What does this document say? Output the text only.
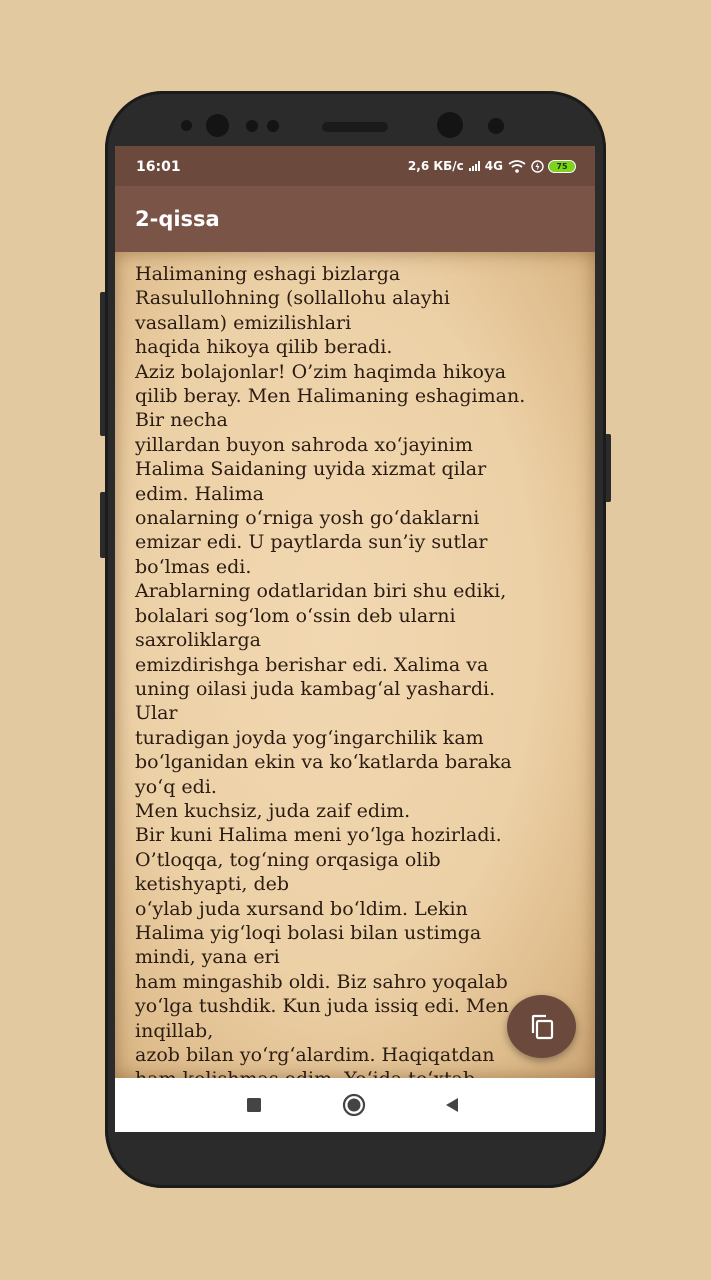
16:01	2,6 КБ/с 4G	75
2-qissa
Halimaning eshagi bizlarga
Rasulullohning (sollallohu alayhi
vasallam) emizilishlari
haqida hikoya qilib beradi.
Aziz bolajonlar! O’zim haqimda hikoya
qilib beray. Men Halimaning eshagiman.
Bir necha
yillardan buyon sahroda xo‘jayinim
Halima Saidaning uyida xizmat qilar
edim. Halima
onalarning o‘rniga yosh go‘daklarni
emizar edi. U paytlarda sun’iy sutlar
bo‘lmas edi.
Arablarning odatlaridan biri shu ediki,
bolalari sog‘lom o‘ssin deb ularni
saxroliklarga
emizdirishga berishar edi. Xalima va
uning oilasi juda kambag‘al yashardi.
Ular
turadigan joyda yog‘ingarchilik kam
bo‘lganidan ekin va ko‘katlarda baraka
yo‘q edi.
Men kuchsiz, juda zaif edim.
Bir kuni Halima meni yo‘lga hozirladi.
O’tloqqa, tog‘ning orqasiga olib
ketishyapti, deb
o‘ylab juda xursand bo‘ldim. Lekin
Halima yig‘loqi bolasi bilan ustimga
mindi, yana eri
ham mingashib oldi. Biz sahro yoqalab
yo‘lga tushdik. Kun juda issiq edi. Men
inqillab,
azob bilan yo‘rg‘alardim. Haqiqatdan
